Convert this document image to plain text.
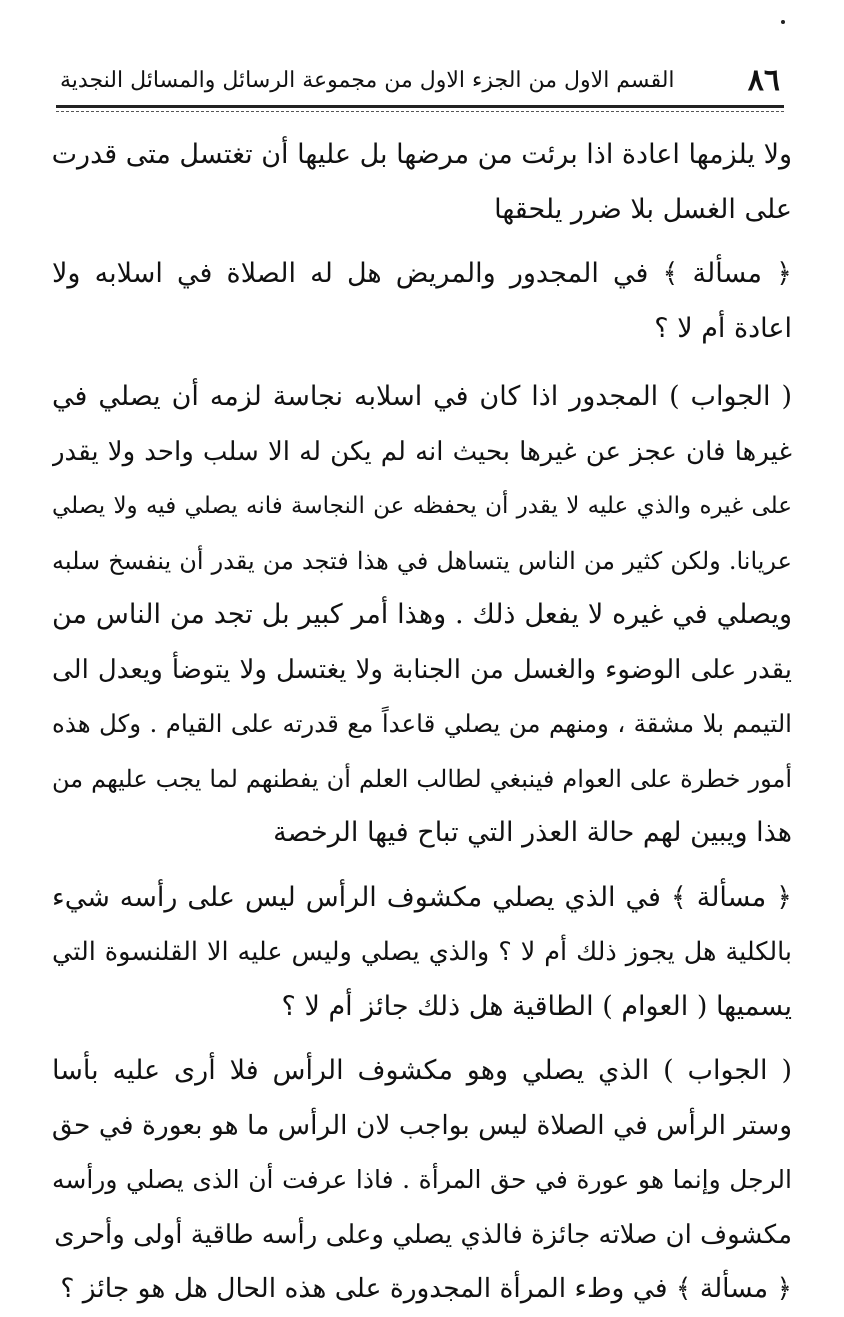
٨٦
القسم الاول من الجزء الاول من مجموعة الرسائل والمسائل النجدية
ولا يلزمها اعادة اذا برئت من مرضها بل عليها أن تغتسل متى قدرت
على الغسل بلا ضرر يلحقها
﴿ مسألة ﴾ في المجدور والمريض هل له الصلاة في اسلابه ولا
اعادة أم لا ؟
( الجواب ) المجدور اذا كان في اسلابه نجاسة لزمه أن يصلي في
غيرها فان عجز عن غيرها بحيث انه لم يكن له الا سلب واحد ولا يقدر
على غيره والذي عليه لا يقدر أن يحفظه عن النجاسة فانه يصلي فيه ولا يصلي
عريانا. ولكن كثير من الناس يتساهل في هذا فتجد من يقدر أن ينفسخ سلبه
ويصلي في غيره لا يفعل ذلك . وهذا أمر كبير بل تجد من الناس من
يقدر على الوضوء والغسل من الجنابة ولا يغتسل ولا يتوضأ ويعدل الى
التيمم بلا مشقة ، ومنهم من يصلي قاعداً مع قدرته على القيام . وكل هذه
أمور خطرة على العوام فينبغي لطالب العلم أن يفطنهم لما يجب عليهم من
هذا ويبين لهم حالة العذر التي تباح فيها الرخصة
﴿ مسألة ﴾ في الذي يصلي مكشوف الرأس ليس على رأسه شيء
بالكلية هل يجوز ذلك أم لا ؟ والذي يصلي وليس عليه الا القلنسوة التي
يسميها ( العوام ) الطاقية هل ذلك جائز أم لا ؟
( الجواب ) الذي يصلي وهو مكشوف الرأس فلا أرى عليه بأسا
وستر الرأس في الصلاة ليس بواجب لان الرأس ما هو بعورة في حق
الرجل وإنما هو عورة في حق المرأة . فاذا عرفت أن الذى يصلي ورأسه
مكشوف ان صلاته جائزة فالذي يصلي وعلى رأسه طاقية أولى وأحرى
﴿ مسألة ﴾ في وطء المرأة المجدورة على هذه الحال هل هو جائز ؟
